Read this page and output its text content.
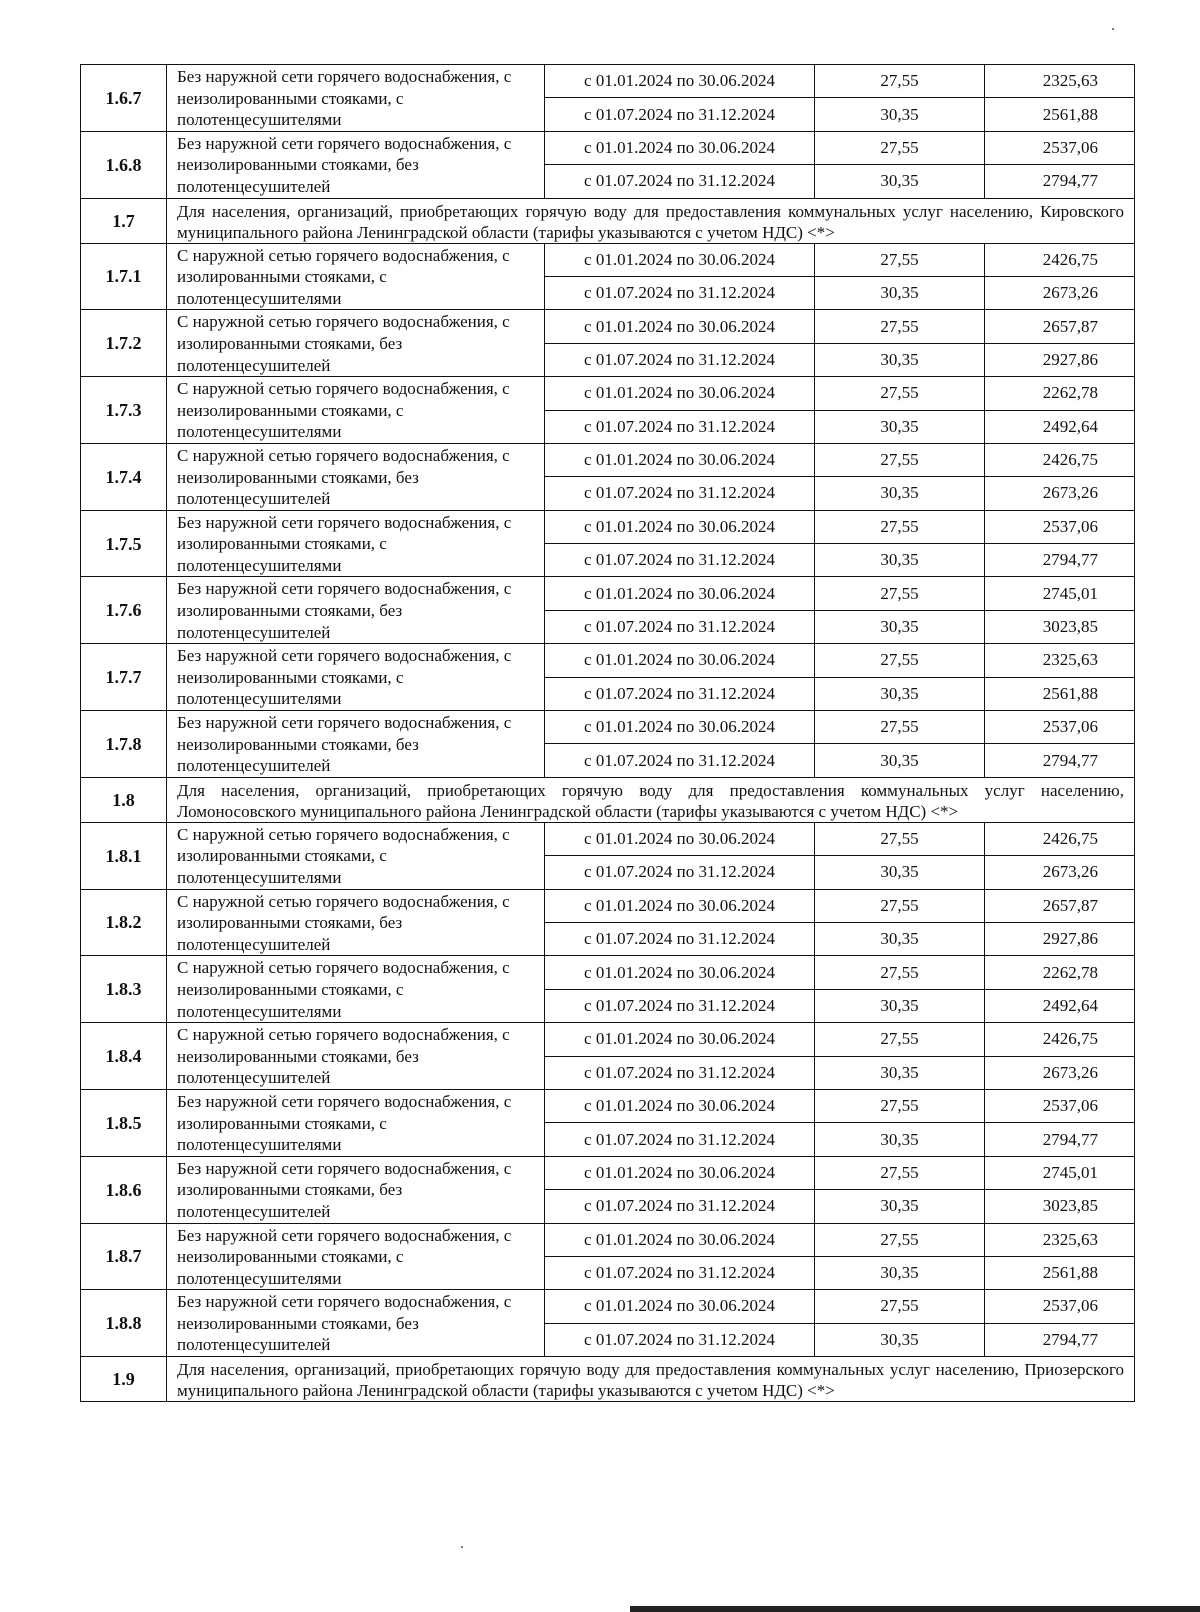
1.6.7	Без наружной сети горячего водоснабжения, с неизолированными стояками, с полотенцесушителями	с 01.01.2024 по 30.06.2024	27,55	2325,63
		с 01.07.2024 по 31.12.2024	30,35	2561,88
1.6.8	Без наружной сети горячего водоснабжения, с неизолированными стояками, без полотенцесушителей	с 01.01.2024 по 30.06.2024	27,55	2537,06
		с 01.07.2024 по 31.12.2024	30,35	2794,77
1.7	Для населения, организаций, приобретающих горячую воду для предоставления коммунальных услуг населению, Кировского муниципального района Ленинградской области (тарифы указываются с учетом НДС) <*>			
1.7.1	С наружной сетью горячего водоснабжения, с изолированными стояками, с полотенцесушителями	с 01.01.2024 по 30.06.2024	27,55	2426,75
		с 01.07.2024 по 31.12.2024	30,35	2673,26
1.7.2	С наружной сетью горячего водоснабжения, с изолированными стояками, без полотенцесушителей	с 01.01.2024 по 30.06.2024	27,55	2657,87
		с 01.07.2024 по 31.12.2024	30,35	2927,86
1.7.3	С наружной сетью горячего водоснабжения, с неизолированными стояками, с полотенцесушителями	с 01.01.2024 по 30.06.2024	27,55	2262,78
		с 01.07.2024 по 31.12.2024	30,35	2492,64
1.7.4	С наружной сетью горячего водоснабжения, с неизолированными стояками, без полотенцесушителей	с 01.01.2024 по 30.06.2024	27,55	2426,75
		с 01.07.2024 по 31.12.2024	30,35	2673,26
1.7.5	Без наружной сети горячего водоснабжения, с изолированными стояками, с полотенцесушителями	с 01.01.2024 по 30.06.2024	27,55	2537,06
		с 01.07.2024 по 31.12.2024	30,35	2794,77
1.7.6	Без наружной сети горячего водоснабжения, с изолированными стояками, без полотенцесушителей	с 01.01.2024 по 30.06.2024	27,55	2745,01
		с 01.07.2024 по 31.12.2024	30,35	3023,85
1.7.7	Без наружной сети горячего водоснабжения, с неизолированными стояками, с полотенцесушителями	с 01.01.2024 по 30.06.2024	27,55	2325,63
		с 01.07.2024 по 31.12.2024	30,35	2561,88
1.7.8	Без наружной сети горячего водоснабжения, с неизолированными стояками, без полотенцесушителей	с 01.01.2024 по 30.06.2024	27,55	2537,06
		с 01.07.2024 по 31.12.2024	30,35	2794,77
1.8	Для населения, организаций, приобретающих горячую воду для предоставления коммунальных услуг населению, Ломоносовского муниципального района Ленинградской области (тарифы указываются с учетом НДС) <*>			
1.8.1	С наружной сетью горячего водоснабжения, с изолированными стояками, с полотенцесушителями	с 01.01.2024 по 30.06.2024	27,55	2426,75
		с 01.07.2024 по 31.12.2024	30,35	2673,26
1.8.2	С наружной сетью горячего водоснабжения, с изолированными стояками, без полотенцесушителей	с 01.01.2024 по 30.06.2024	27,55	2657,87
		с 01.07.2024 по 31.12.2024	30,35	2927,86
1.8.3	С наружной сетью горячего водоснабжения, с неизолированными стояками, с полотенцесушителями	с 01.01.2024 по 30.06.2024	27,55	2262,78
		с 01.07.2024 по 31.12.2024	30,35	2492,64
1.8.4	С наружной сетью горячего водоснабжения, с неизолированными стояками, без полотенцесушителей	с 01.01.2024 по 30.06.2024	27,55	2426,75
		с 01.07.2024 по 31.12.2024	30,35	2673,26
1.8.5	Без наружной сети горячего водоснабжения, с изолированными стояками, с полотенцесушителями	с 01.01.2024 по 30.06.2024	27,55	2537,06
		с 01.07.2024 по 31.12.2024	30,35	2794,77
1.8.6	Без наружной сети горячего водоснабжения, с изолированными стояками, без полотенцесушителей	с 01.01.2024 по 30.06.2024	27,55	2745,01
		с 01.07.2024 по 31.12.2024	30,35	3023,85
1.8.7	Без наружной сети горячего водоснабжения, с неизолированными стояками, с полотенцесушителями	с 01.01.2024 по 30.06.2024	27,55	2325,63
		с 01.07.2024 по 31.12.2024	30,35	2561,88
1.8.8	Без наружной сети горячего водоснабжения, с неизолированными стояками, без полотенцесушителей	с 01.01.2024 по 30.06.2024	27,55	2537,06
		с 01.07.2024 по 31.12.2024	30,35	2794,77
1.9	Для населения, организаций, приобретающих горячую воду для предоставления коммунальных услуг населению, Приозерского муниципального района Ленинградской области (тарифы указываются с учетом НДС) <*>			
